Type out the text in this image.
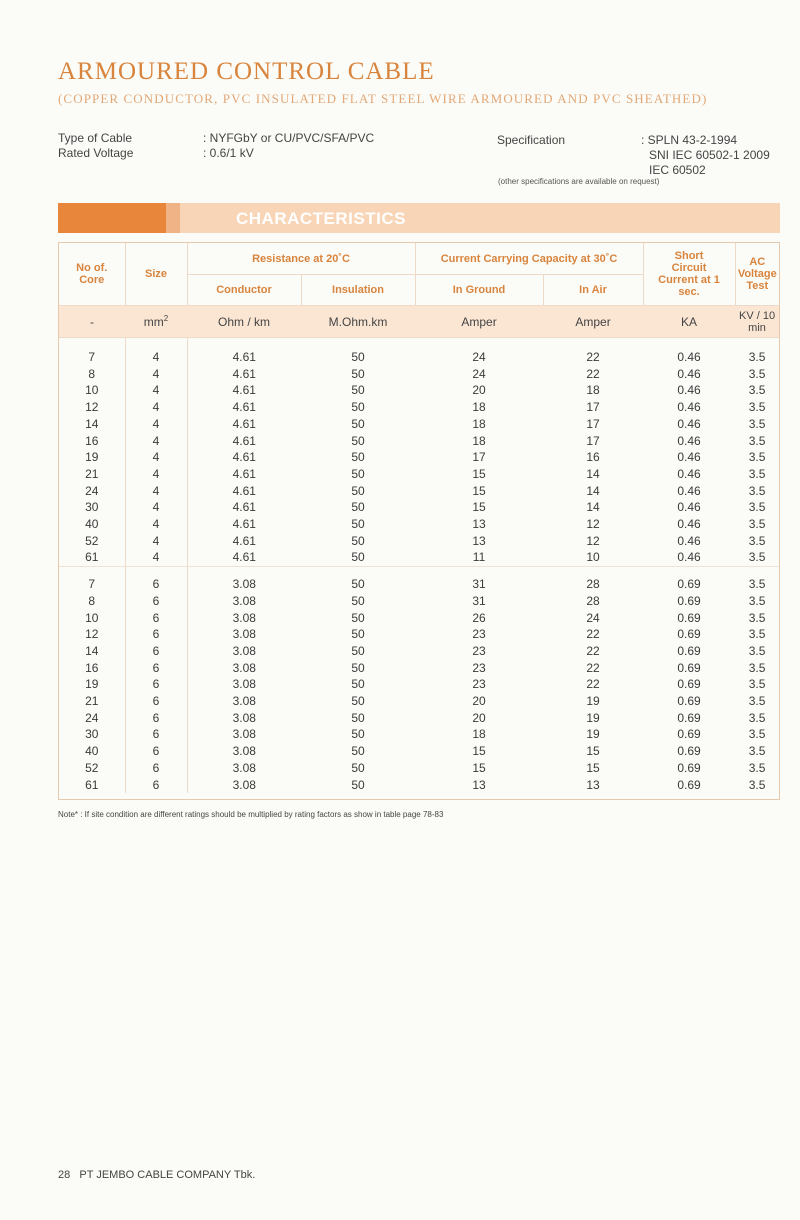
ARMOURED CONTROL CABLE
(COPPER CONDUCTOR, PVC INSULATED FLAT STEEL WIRE ARMOURED AND PVC SHEATHED)
Type of Cable
Rated Voltage
: NYFGbY or CU/PVC/SFA/PVC
: 0.6/1 kV
Specification	: SPLN 43-2-1994
SNI IEC 60502-1 2009
IEC 60502
(other specifications are available on request)
CHARACTERISTICS
No of. Core	Size	Resistance at 20˚C		Current Carrying Capacity at 30˚C		Short Circuit Current at 1 sec.	AC Voltage Test
		Conductor	Insulation	In Ground	In Air		
-	$mm^2$	Ohm / km	M.Ohm.km	Amper	Amper	KA	KV / 10 min

7	4	4.61	50	24	22	0.46	3.5
8	4	4.61	50	24	22	0.46	3.5
10	4	4.61	50	20	18	0.46	3.5
12	4	4.61	50	18	17	0.46	3.5
14	4	4.61	50	18	17	0.46	3.5
16	4	4.61	50	18	17	0.46	3.5
19	4	4.61	50	17	16	0.46	3.5
21	4	4.61	50	15	14	0.46	3.5
24	4	4.61	50	15	14	0.46	3.5
30	4	4.61	50	15	14	0.46	3.5
40	4	4.61	50	13	12	0.46	3.5
52	4	4.61	50	13	12	0.46	3.5
61	4	4.61	50	11	10	0.46	3.5

7	6	3.08	50	31	28	0.69	3.5
8	6	3.08	50	31	28	0.69	3.5
10	6	3.08	50	26	24	0.69	3.5
12	6	3.08	50	23	22	0.69	3.5
14	6	3.08	50	23	22	0.69	3.5
16	6	3.08	50	23	22	0.69	3.5
19	6	3.08	50	23	22	0.69	3.5
21	6	3.08	50	20	19	0.69	3.5
24	6	3.08	50	20	19	0.69	3.5
30	6	3.08	50	18	19	0.69	3.5
40	6	3.08	50	15	15	0.69	3.5
52	6	3.08	50	15	15	0.69	3.5
61	6	3.08	50	13	13	0.69	3.5
Note* : If site condition are different ratings should be multiplied by rating factors as show in table page 78-83
28 PT JEMBO CABLE COMPANY Tbk.
